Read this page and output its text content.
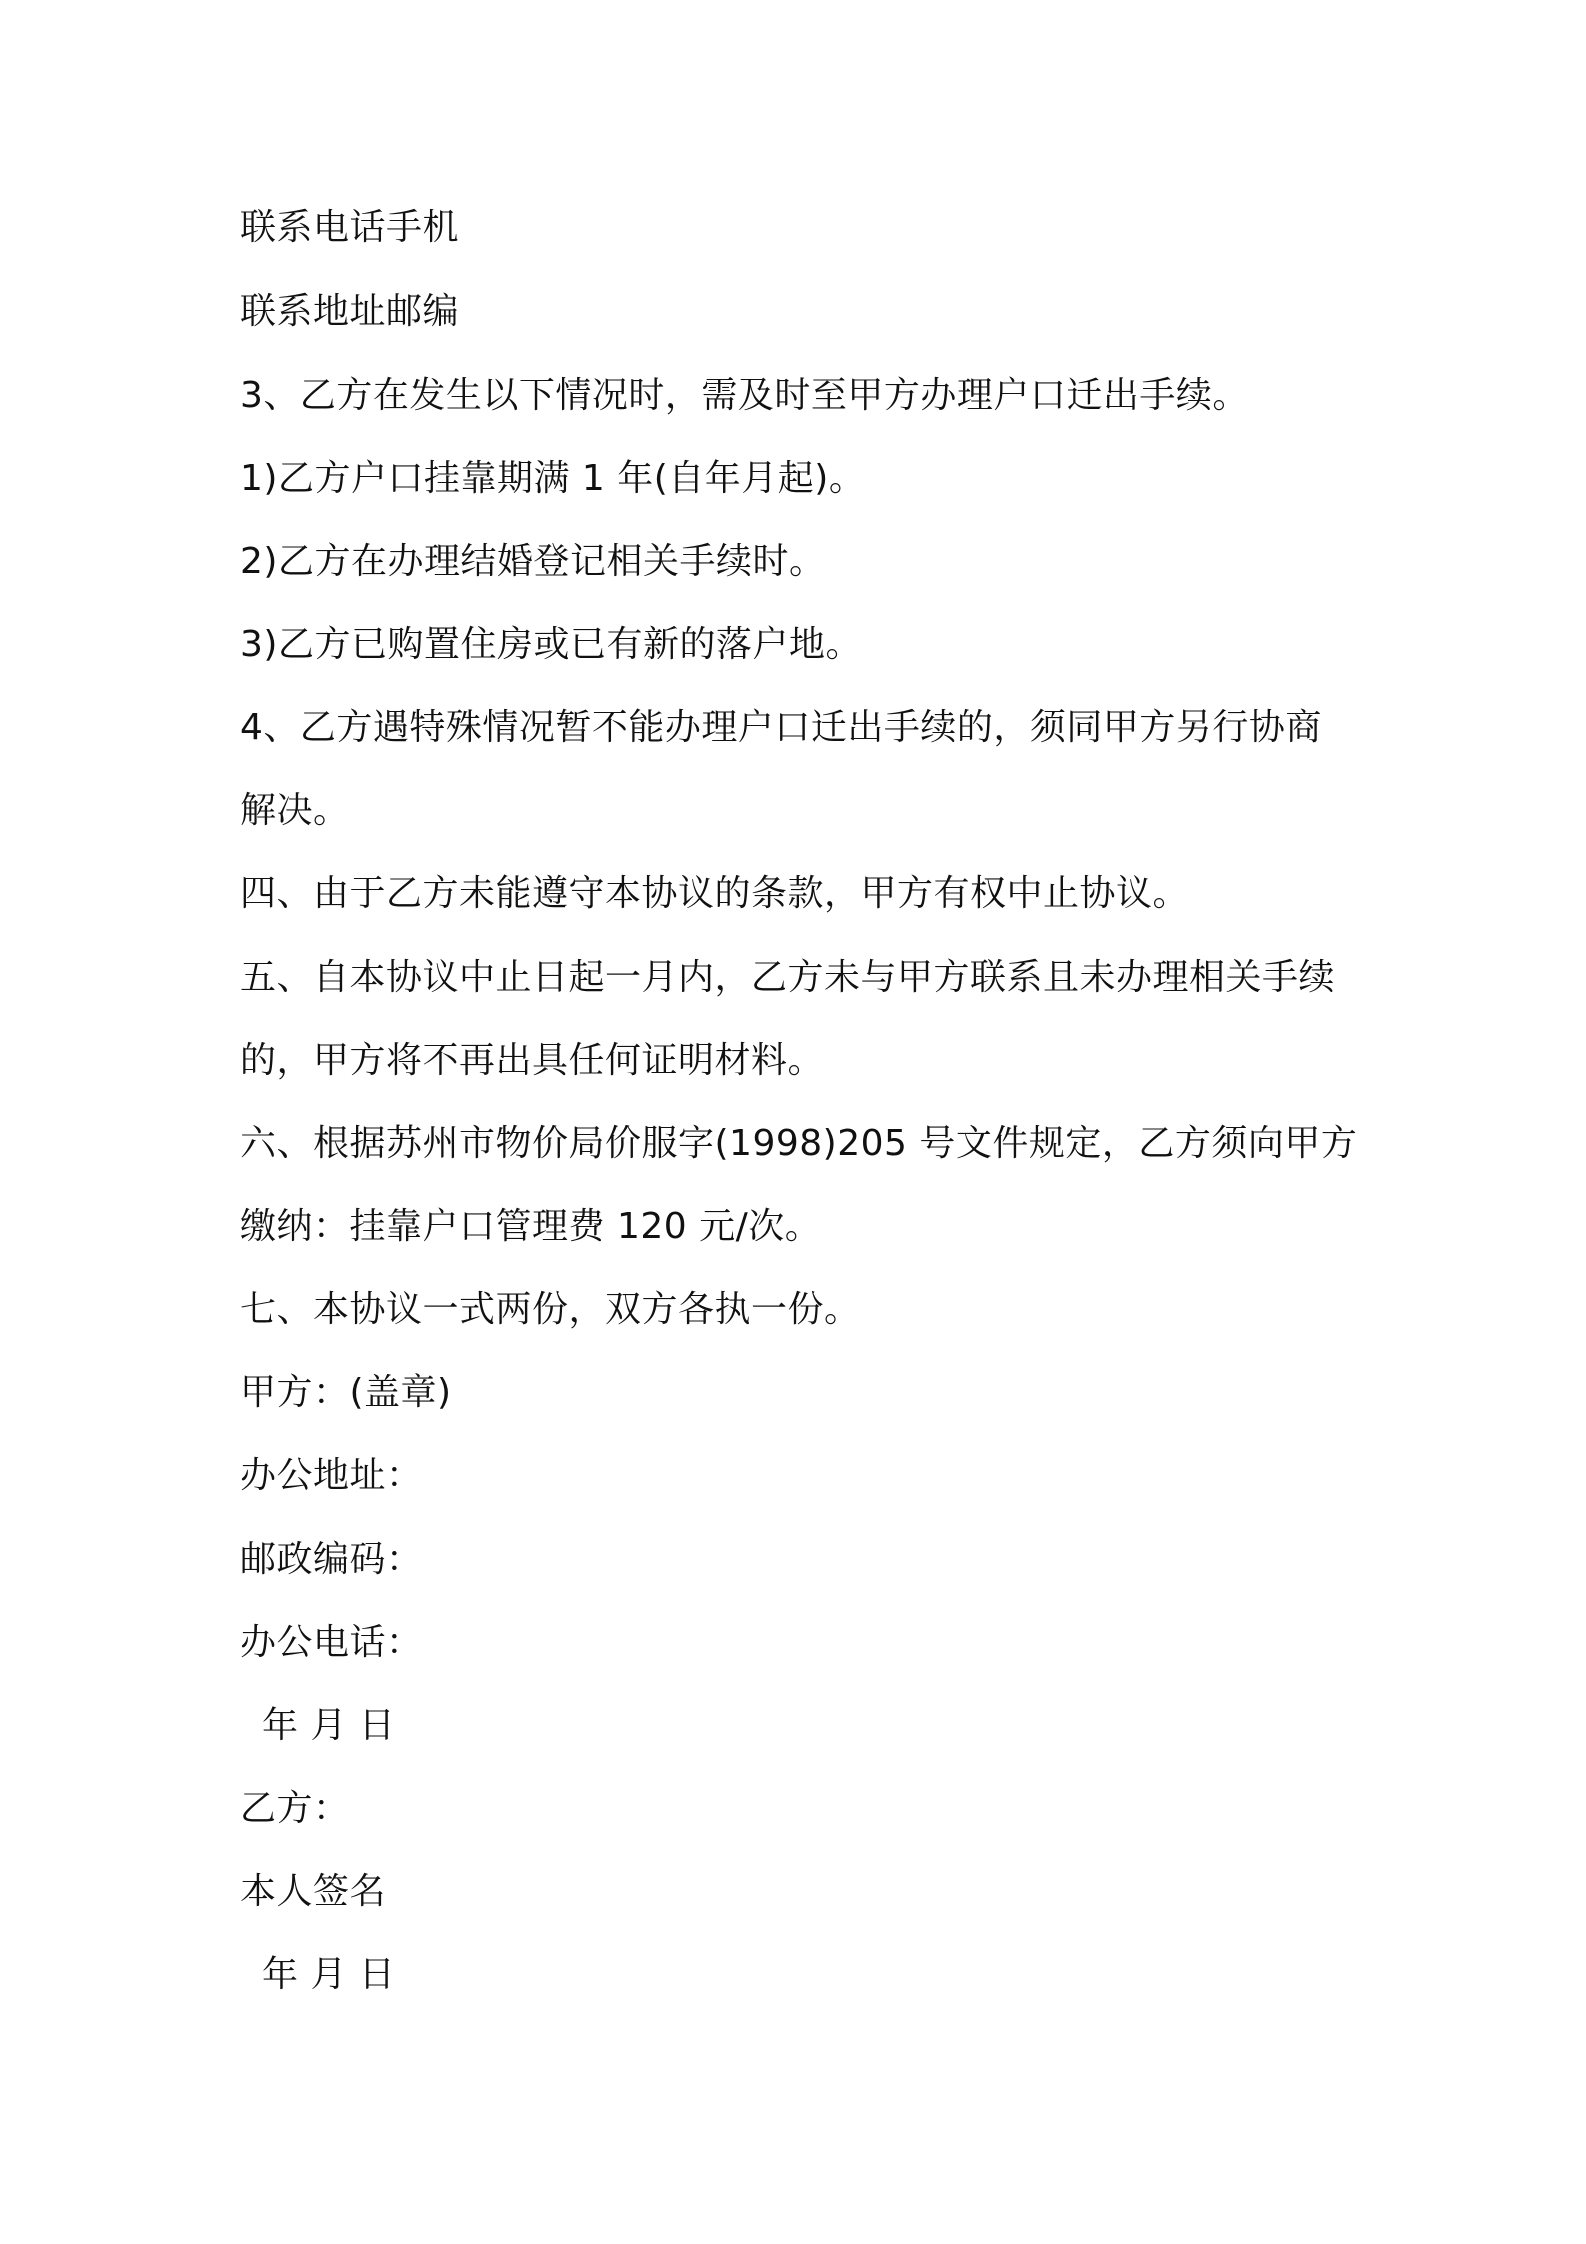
联系电话手机
联系地址邮编
3、乙方在发生以下情况时，需及时至甲方办理户口迁出手续。
1)乙方户口挂靠期满 1 年(自年月起)。
2)乙方在办理结婚登记相关手续时。
3)乙方已购置住房或已有新的落户地。
4、乙方遇特殊情况暂不能办理户口迁出手续的，须同甲方另行协商
解决。
四、由于乙方未能遵守本协议的条款，甲方有权中止协议。
五、自本协议中止日起一月内，乙方未与甲方联系且未办理相关手续
的，甲方将不再出具任何证明材料。
六、根据苏州市物价局价服字(1998)205 号文件规定，乙方须向甲方
缴纳：挂靠户口管理费 120 元/次。
七、本协议一式两份，双方各执一份。
甲方：(盖章)
办公地址：
邮政编码：
办公电话：
年 月 日
乙方：
本人签名
年 月 日
